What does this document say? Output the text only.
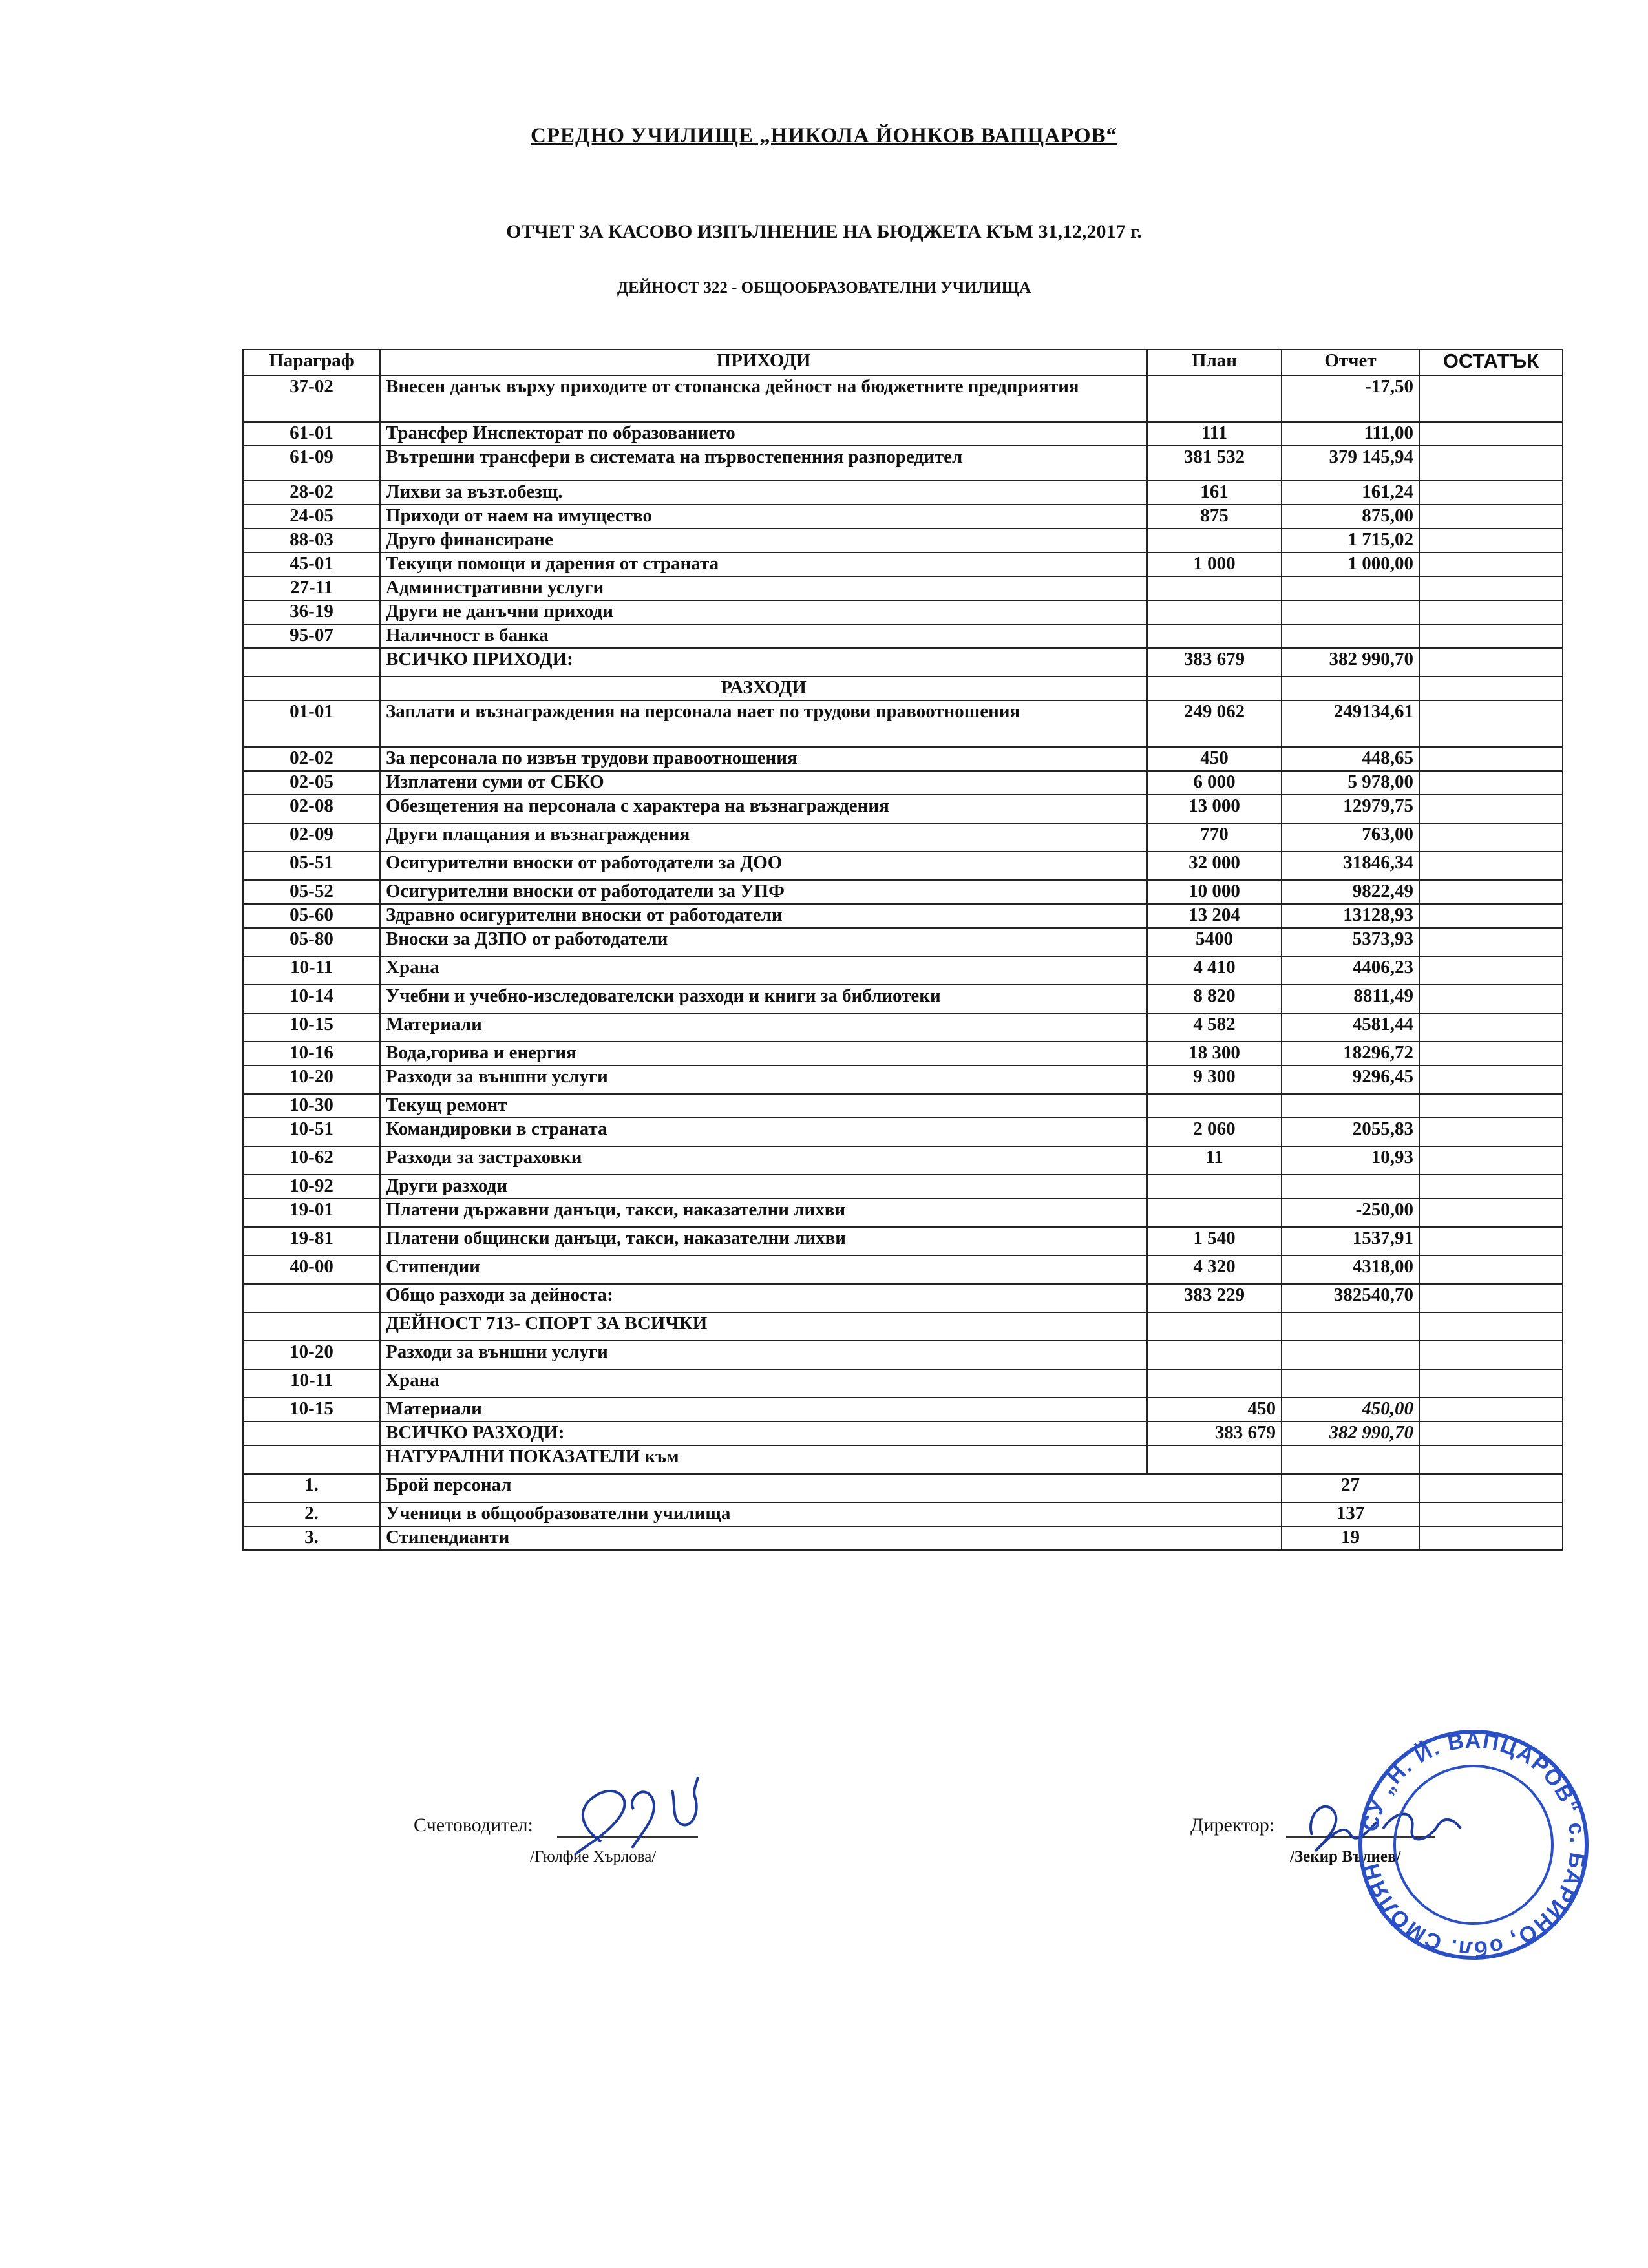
СРЕДНО УЧИЛИЩЕ „НИКОЛА ЙОНКОВ ВАПЦАРОВ“
ОТЧЕТ ЗА КАСОВО ИЗПЪЛНЕНИЕ НА БЮДЖЕТА КЪМ 31,12,2017 г.
ДЕЙНОСТ 322 - ОБЩООБРАЗОВАТЕЛНИ УЧИЛИЩА
Параграф	ПРИХОДИ	План	Отчет	ОСТАТЪК
37-02	Внесен данък върху приходите от стопанска дейност на бюджетните предприятия		-17,50	
61-01	Трансфер Инспекторат по образованието	111	111,00	
61-09	Вътрешни трансфери в системата на първостепенния разпоредител	381 532	379 145,94	
28-02	Лихви за възт.обезщ.	161	161,24	
24-05	Приходи от наем на имущество	875	875,00	
88-03	Друго финансиране		1 715,02	
45-01	Текущи помощи и дарения от страната	1 000	1 000,00	
27-11	Административни услуги			
36-19	Други не данъчни приходи			
95-07	Наличност в банка			
	ВСИЧКО ПРИХОДИ:	383 679	382 990,70	
	РАЗХОДИ			
01-01	Заплати и възнаграждения на персонала нает по трудови правоотношения	249 062	249134,61	
02-02	За персонала по извън трудови правоотношения	450	448,65	
02-05	Изплатени суми от СБКО	6 000	5 978,00	
02-08	Обезщетения на персонала с характера на възнаграждения	13 000	12979,75	
02-09	Други плащания и възнаграждения	770	763,00	
05-51	Осигурителни вноски от работодатели за ДОО	32 000	31846,34	
05-52	Осигурителни вноски от работодатели за УПФ	10 000	9822,49	
05-60	Здравно осигурителни вноски от работодатели	13 204	13128,93	
05-80	Вноски за ДЗПО от работодатели	5400	5373,93	
10-11	Храна	4 410	4406,23	
10-14	Учебни и учебно-изследователски разходи и книги за библиотеки	8 820	8811,49	
10-15	Материали	4 582	4581,44	
10-16	Вода,горива и енергия	18 300	18296,72	
10-20	Разходи за външни услуги	9 300	9296,45	
10-30	Текущ ремонт			
10-51	Командировки в страната	2 060	2055,83	
10-62	Разходи за застраховки	11	10,93	
10-92	Други разходи			
19-01	Платени държавни данъци, такси, наказателни лихви		-250,00	
19-81	Платени общински данъци, такси, наказателни лихви	1 540	1537,91	
40-00	Стипендии	4 320	4318,00	
	Общо разходи за дейноста:	383 229	382540,70	
	ДЕЙНОСТ 713- СПОРТ ЗА ВСИЧКИ			
10-20	Разходи за външни услуги			
10-11	Храна			
10-15	Материали	450	450,00	
	ВСИЧКО РАЗХОДИ:	383 679	382 990,70	
	НАТУРАЛНИ ПОКАЗАТЕЛИ към			
1.	Брой персонал		27	
2.	Ученици в общообразователни училища		137	
3.	Стипендианти		19	
Счетоводител:
/Гюлфие Хърлова/
Директор:
/Зекир Вълиев/
СУ „Н. Й. ВАПЦАРОВ“ с. БАРИНО, обл. СМОЛЯН
